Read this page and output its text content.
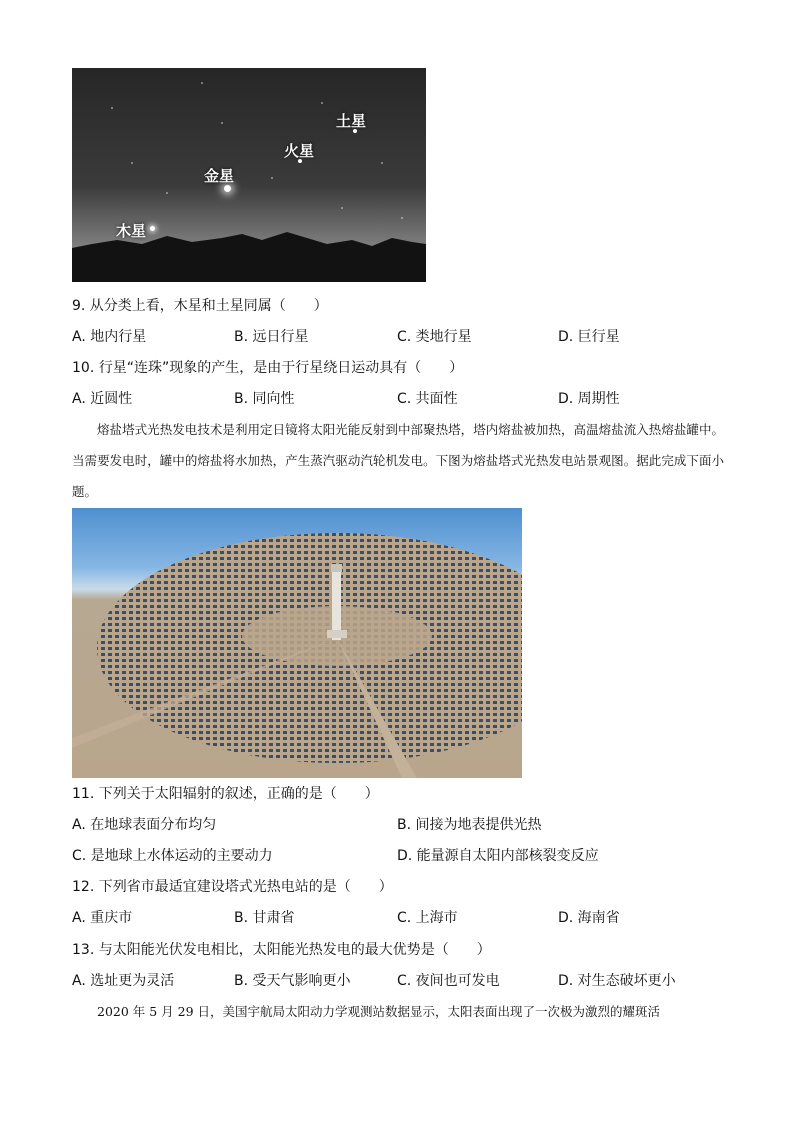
土星
火星
金星
木星
9. 从分类上看，木星和土星同属（　　）
A. 地内行星	B. 远日行星	C. 类地行星	D. 巨行星
10. 行星“连珠”现象的产生，是由于行星绕日运动具有（　　）
A. 近圆性	B. 同向性	C. 共面性	D. 周期性
熔盐塔式光热发电技术是利用定日镜将太阳光能反射到中部聚热塔，塔内熔盐被加热，高温熔盐流入热熔盐罐中。当需要发电时，罐中的熔盐将水加热，产生蒸汽驱动汽轮机发电。下图为熔盐塔式光热发电站景观图。据此完成下面小题。
11. 下列关于太阳辐射的叙述，正确的是（　　）
A. 在地球表面分布均匀	B. 间接为地表提供光热
C. 是地球上水体运动的主要动力	D. 能量源自太阳内部核裂变反应
12. 下列省市最适宜建设塔式光热电站的是（　　）
A. 重庆市	B. 甘肃省	C. 上海市	D. 海南省
13. 与太阳能光伏发电相比，太阳能光热发电的最大优势是（　　）
A. 选址更为灵活	B. 受天气影响更小	C. 夜间也可发电	D. 对生态破坏更小
2020 年 5 月 29 日，美国宇航局太阳动力学观测站数据显示，太阳表面出现了一次极为激烈的耀斑活
